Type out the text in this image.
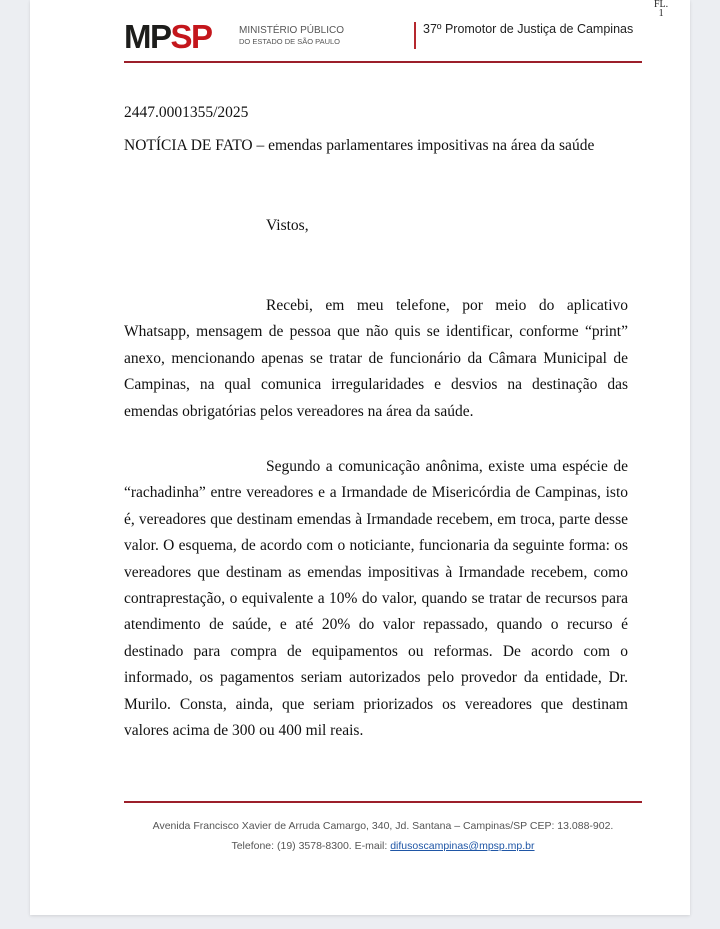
FL.
1
MPSP	MINISTÉRIO PÚBLICO
DO ESTADO DE SÃO PAULO
37º Promotor de Justiça de Campinas
2447.0001355/2025
NOTÍCIA DE FATO – emendas parlamentares impositivas na área da saúde
Vistos,
Recebi, em meu telefone, por meio do aplicativo Whatsapp, mensagem de pessoa que não quis se identificar, conforme “print” anexo, mencionando apenas se tratar de funcionário da Câmara Municipal de Campinas, na qual comunica irregularidades e desvios na destinação das emendas obrigatórias pelos vereadores na área da saúde.
Segundo a comunicação anônima, existe uma espécie de “rachadinha” entre vereadores e a Irmandade de Misericórdia de Campinas, isto é, vereadores que destinam emendas à Irmandade recebem, em troca, parte desse valor. O esquema, de acordo com o noticiante, funcionaria da seguinte forma: os vereadores que destinam as emendas impositivas à Irmandade recebem, como contraprestação, o equivalente a 10% do valor, quando se tratar de recursos para atendimento de saúde, e até 20% do valor repassado, quando o recurso é destinado para compra de equipamentos ou reformas. De acordo com o informado, os pagamentos seriam autorizados pelo provedor da entidade, Dr. Murilo. Consta, ainda, que seriam priorizados os vereadores que destinam valores acima de 300 ou 400 mil reais.
Avenida Francisco Xavier de Arruda Camargo, 340, Jd. Santana – Campinas/SP CEP: 13.088-902.
Telefone: (19) 3578-8300. E-mail: difusoscampinas@mpsp.mp.br
